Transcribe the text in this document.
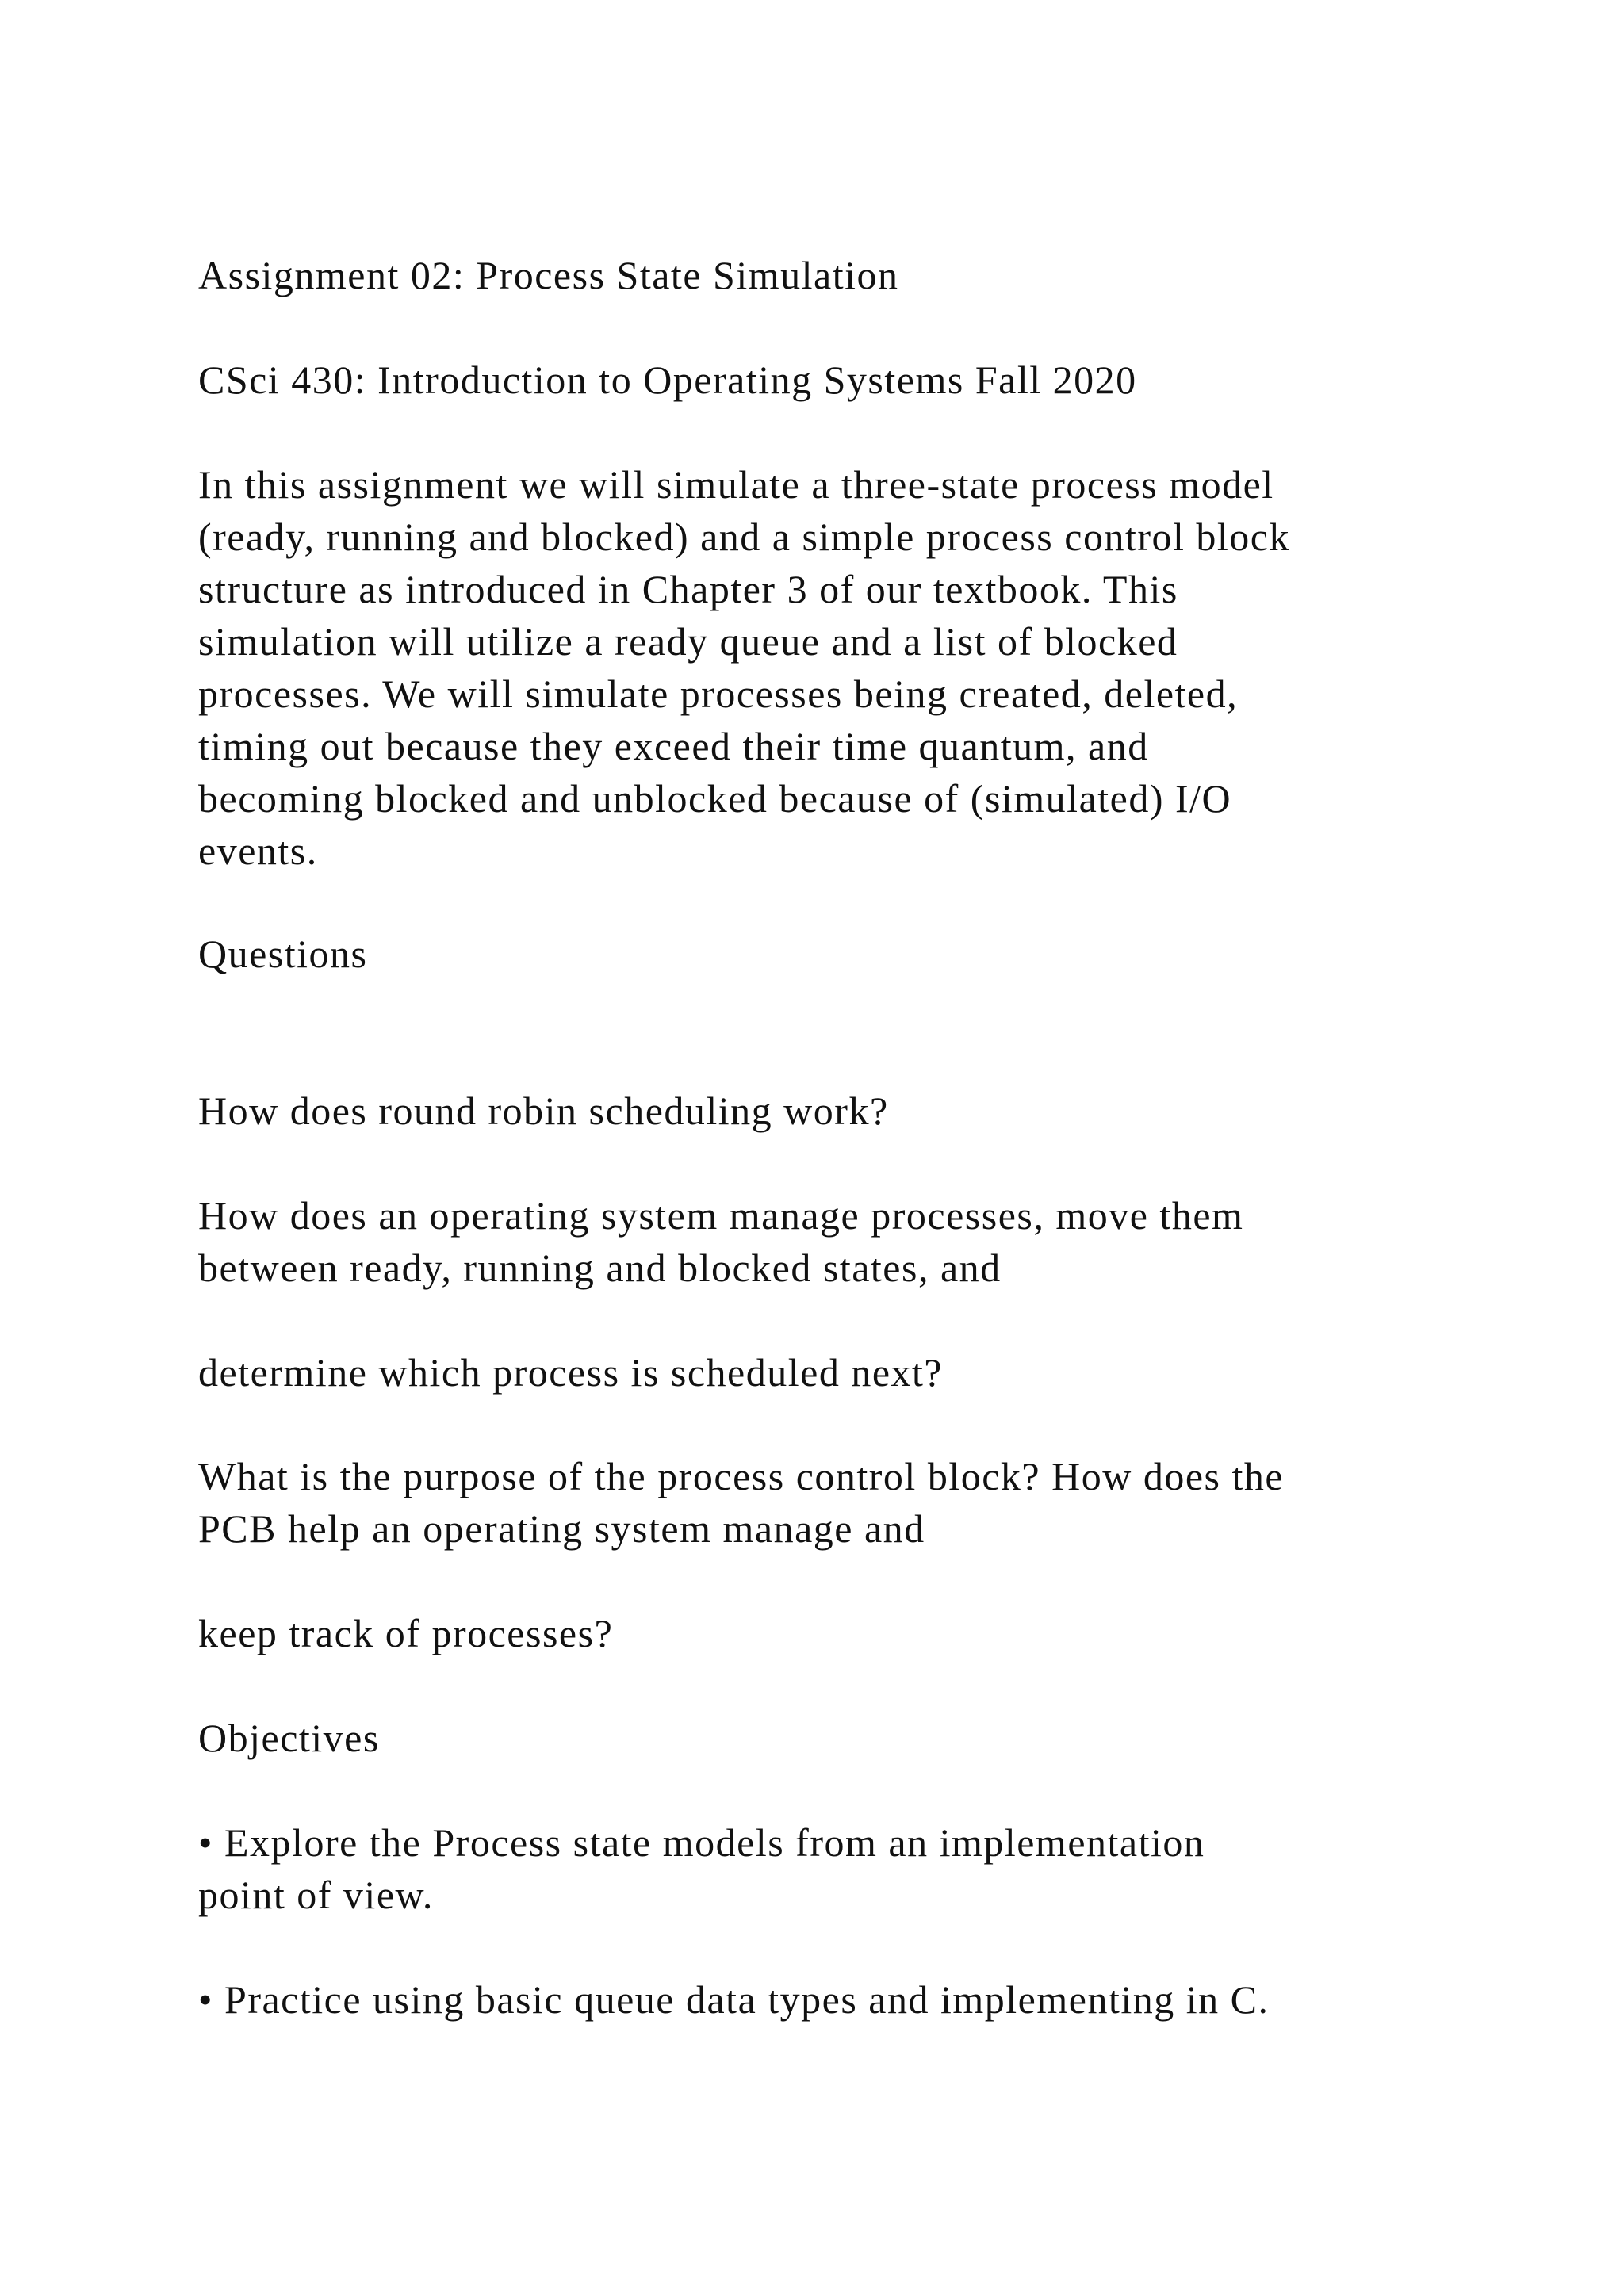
Assignment 02: Process State Simulation

CSci 430: Introduction to Operating Systems Fall 2020

In this assignment we will simulate a three-state process model
(ready, running and blocked) and a simple process control block
structure as introduced in Chapter 3 of our textbook. This
simulation will utilize a ready queue and a list of blocked
processes. We will simulate processes being created, deleted,
timing out because they exceed their time quantum, and
becoming blocked and unblocked because of (simulated) I/O
events.

Questions

How does round robin scheduling work?

How does an operating system manage processes, move them
between ready, running and blocked states, and

determine which process is scheduled next?

What is the purpose of the process control block? How does the
PCB help an operating system manage and

keep track of processes?

Objectives

• Explore the Process state models from an implementation
point of view.

• Practice using basic queue data types and implementing in C.
